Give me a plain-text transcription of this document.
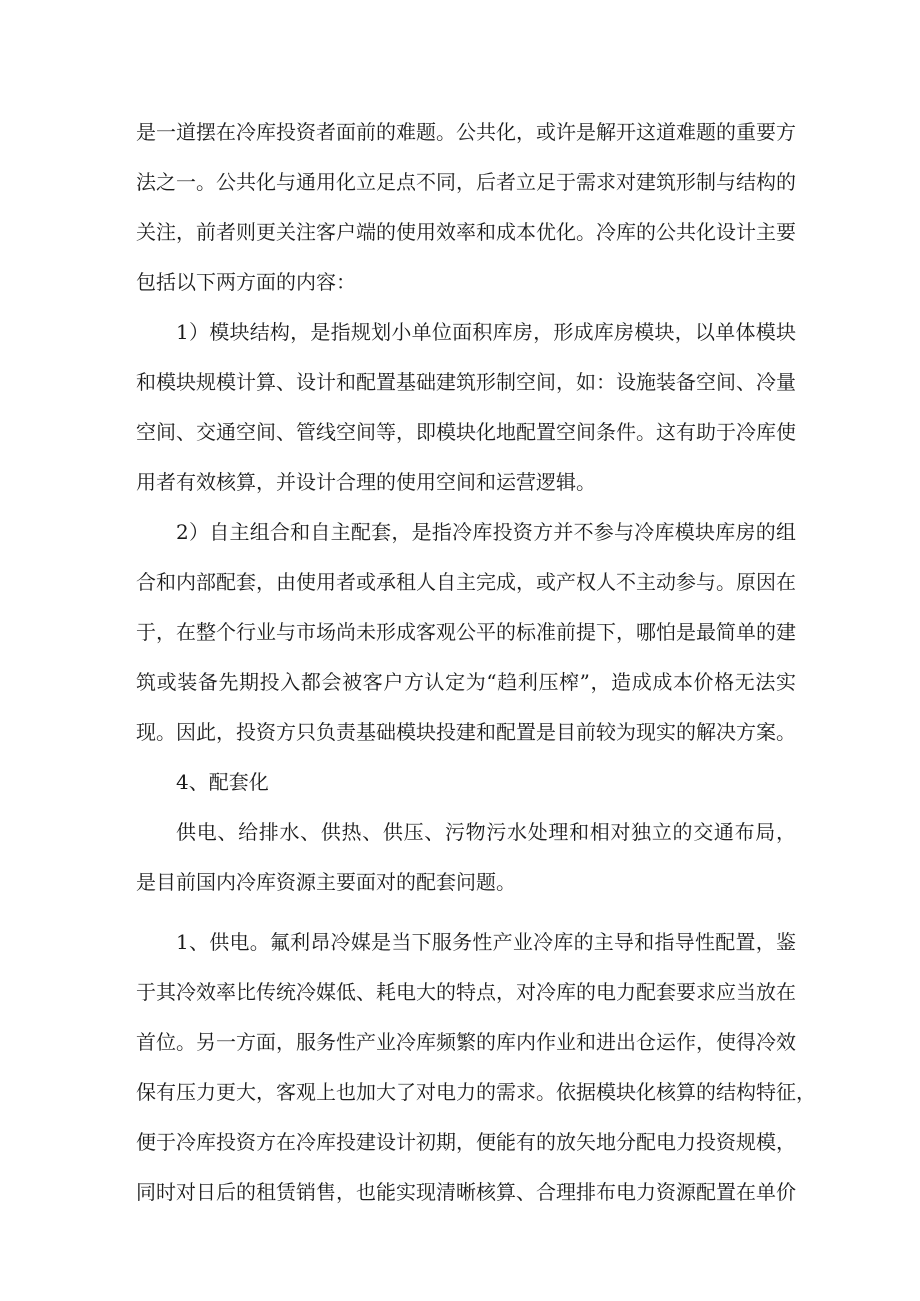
是一道摆在冷库投资者面前的难题。公共化，或许是解开这道难题的重要方

法之一。公共化与通用化立足点不同，后者立足于需求对建筑形制与结构的

关注，前者则更关注客户端的使用效率和成本优化。冷库的公共化设计主要

包括以下两方面的内容：

1）模块结构，是指规划小单位面积库房，形成库房模块，以单体模块

和模块规模计算、设计和配置基础建筑形制空间，如：设施装备空间、冷量

空间、交通空间、管线空间等，即模块化地配置空间条件。这有助于冷库使

用者有效核算，并设计合理的使用空间和运营逻辑。

2）自主组合和自主配套，是指冷库投资方并不参与冷库模块库房的组

合和内部配套，由使用者或承租人自主完成，或产权人不主动参与。原因在

于，在整个行业与市场尚未形成客观公平的标准前提下，哪怕是最简单的建

筑或装备先期投入都会被客户方认定为“趋利压榨”，造成成本价格无法实

现。因此，投资方只负责基础模块投建和配置是目前较为现实的解决方案。

4、配套化

供电、给排水、供热、供压、污物污水处理和相对独立的交通布局，

是目前国内冷库资源主要面对的配套问题。

1、供电。氟利昂冷媒是当下服务性产业冷库的主导和指导性配置，鉴

于其冷效率比传统冷媒低、耗电大的特点，对冷库的电力配套要求应当放在

首位。另一方面，服务性产业冷库频繁的库内作业和进出仓运作，使得冷效

保有压力更大，客观上也加大了对电力的需求。依据模块化核算的结构特征，

便于冷库投资方在冷库投建设计初期，便能有的放矢地分配电力投资规模，

同时对日后的租赁销售，也能实现清晰核算、合理排布电力资源配置在单价
